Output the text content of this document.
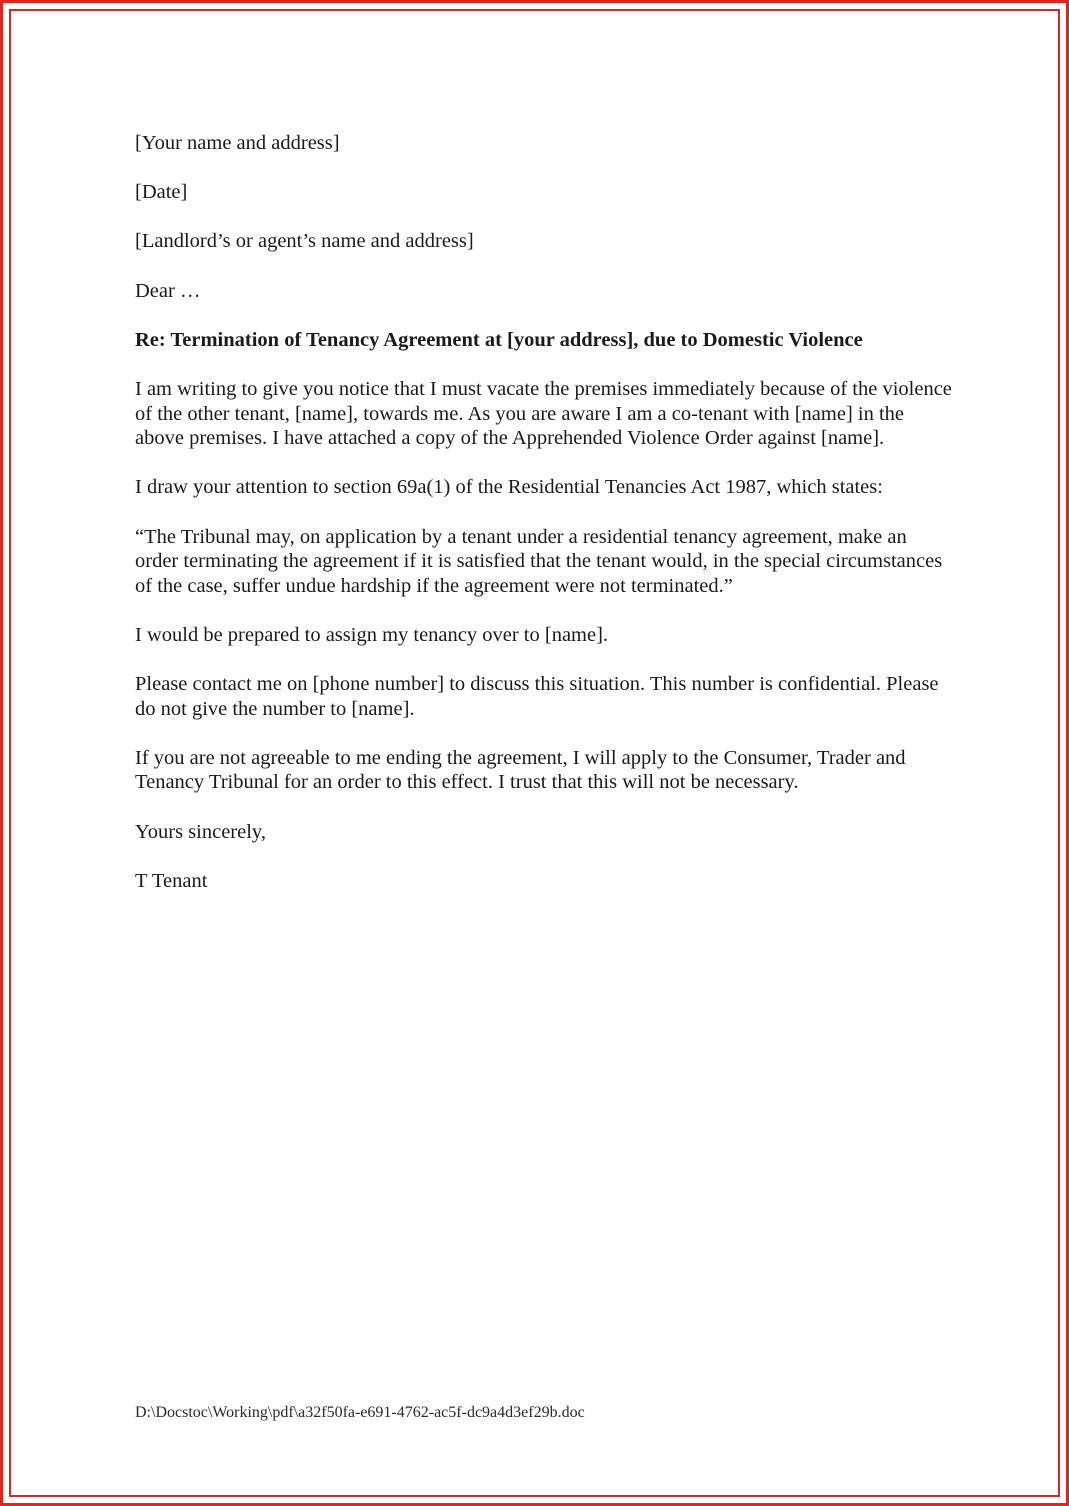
[Your name and address]

[Date]

[Landlord’s or agent’s name and address]

Dear …

Re: Termination of Tenancy Agreement at [your address], due to Domestic Violence

I am writing to give you notice that I must vacate the premises immediately because of the violence of the other tenant, [name], towards me. As you are aware I am a co-tenant with [name] in the above premises. I have attached a copy of the Apprehended Violence Order against [name].

I draw your attention to section 69a(1) of the Residential Tenancies Act 1987, which states:

“The Tribunal may, on application by a tenant under a residential tenancy agreement, make an order terminating the agreement if it is satisfied that the tenant would, in the special circumstances of the case, suffer undue hardship if the agreement were not terminated.”

I would be prepared to assign my tenancy over to [name].

Please contact me on [phone number] to discuss this situation. This number is confidential. Please do not give the number to [name].

If you are not agreeable to me ending the agreement, I will apply to the Consumer, Trader and Tenancy Tribunal for an order to this effect. I trust that this will not be necessary.

Yours sincerely,

T Tenant

D:\Docstoc\Working\pdf\a32f50fa-e691-4762-ac5f-dc9a4d3ef29b.doc
